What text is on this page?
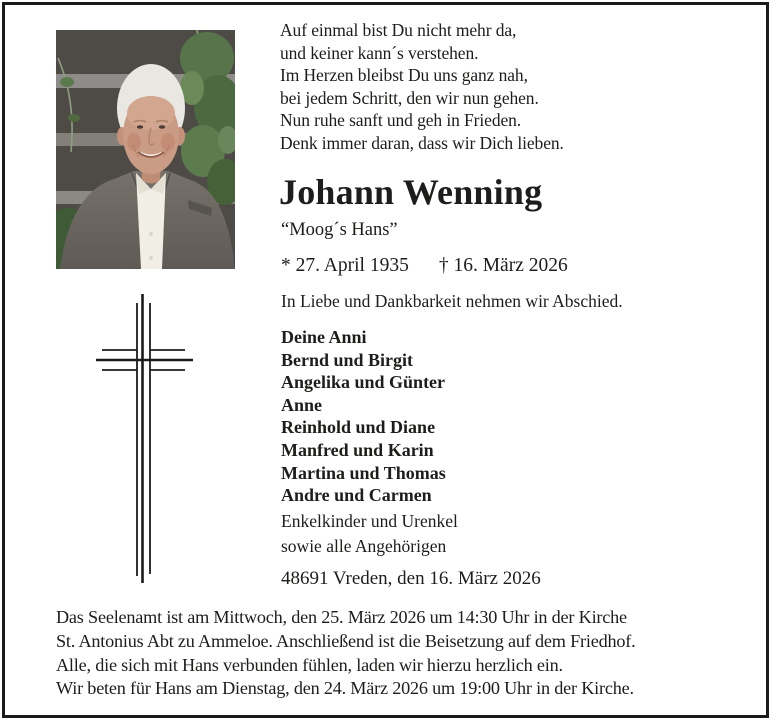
Auf einmal bist Du nicht mehr da,
und keiner kann´s verstehen.
Im Herzen bleibst Du uns ganz nah,
bei jedem Schritt, den wir nun gehen.
Nun ruhe sanft und geh in Frieden.
Denk immer daran, dass wir Dich lieben.
Johann Wenning
“Moog´s Hans”
* 27. April 1935 † 16. März 2026
In Liebe und Dankbarkeit nehmen wir Abschied.
Deine Anni
Bernd und Birgit
Angelika und Günter
Anne
Reinhold und Diane
Manfred und Karin
Martina und Thomas
Andre und Carmen
Enkelkinder und Urenkel
sowie alle Angehörigen
48691 Vreden, den 16. März 2026
Das Seelenamt ist am Mittwoch, den 25. März 2026 um 14:30 Uhr in der Kirche
St. Antonius Abt zu Ammeloe. Anschließend ist die Beisetzung auf dem Friedhof.
Alle, die sich mit Hans verbunden fühlen, laden wir hierzu herzlich ein.
Wir beten für Hans am Dienstag, den 24. März 2026 um 19:00 Uhr in der Kirche.
